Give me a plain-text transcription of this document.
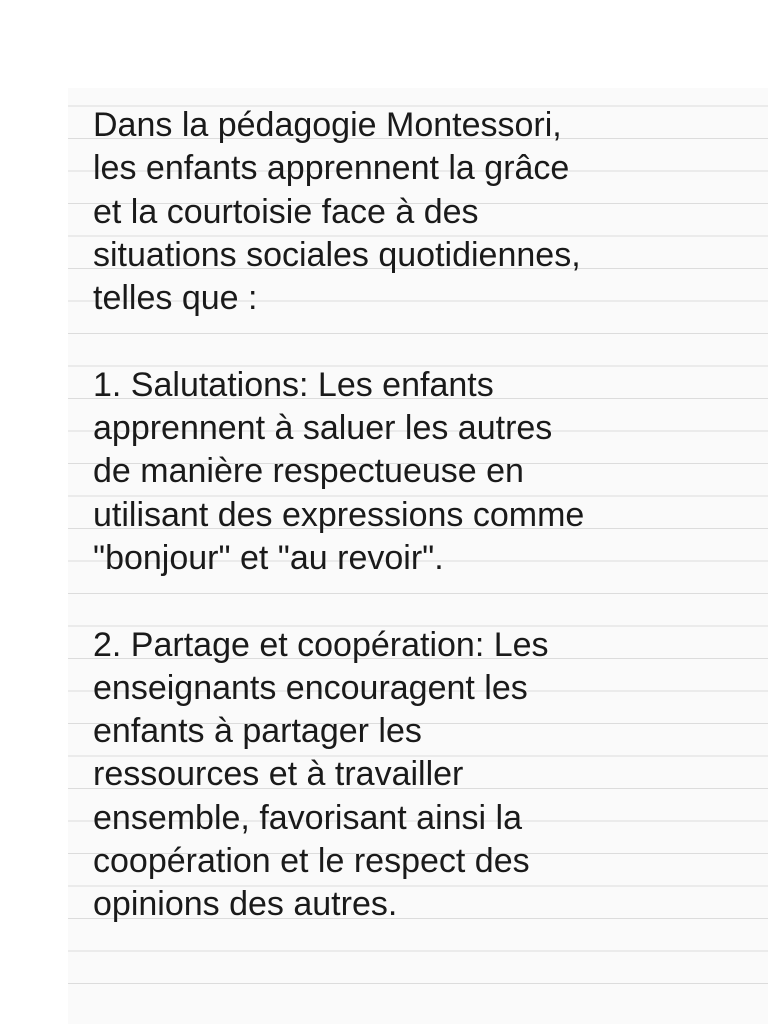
Dans la pédagogie Montessori,
les enfants apprennent la grâce
et la courtoisie face à des
situations sociales quotidiennes,
telles que :

1. Salutations: Les enfants
apprennent à saluer les autres
de manière respectueuse en
utilisant des expressions comme
"bonjour" et "au revoir".

2. Partage et coopération: Les
enseignants encouragent les
enfants à partager les
ressources et à travailler
ensemble, favorisant ainsi la
coopération et le respect des
opinions des autres.
